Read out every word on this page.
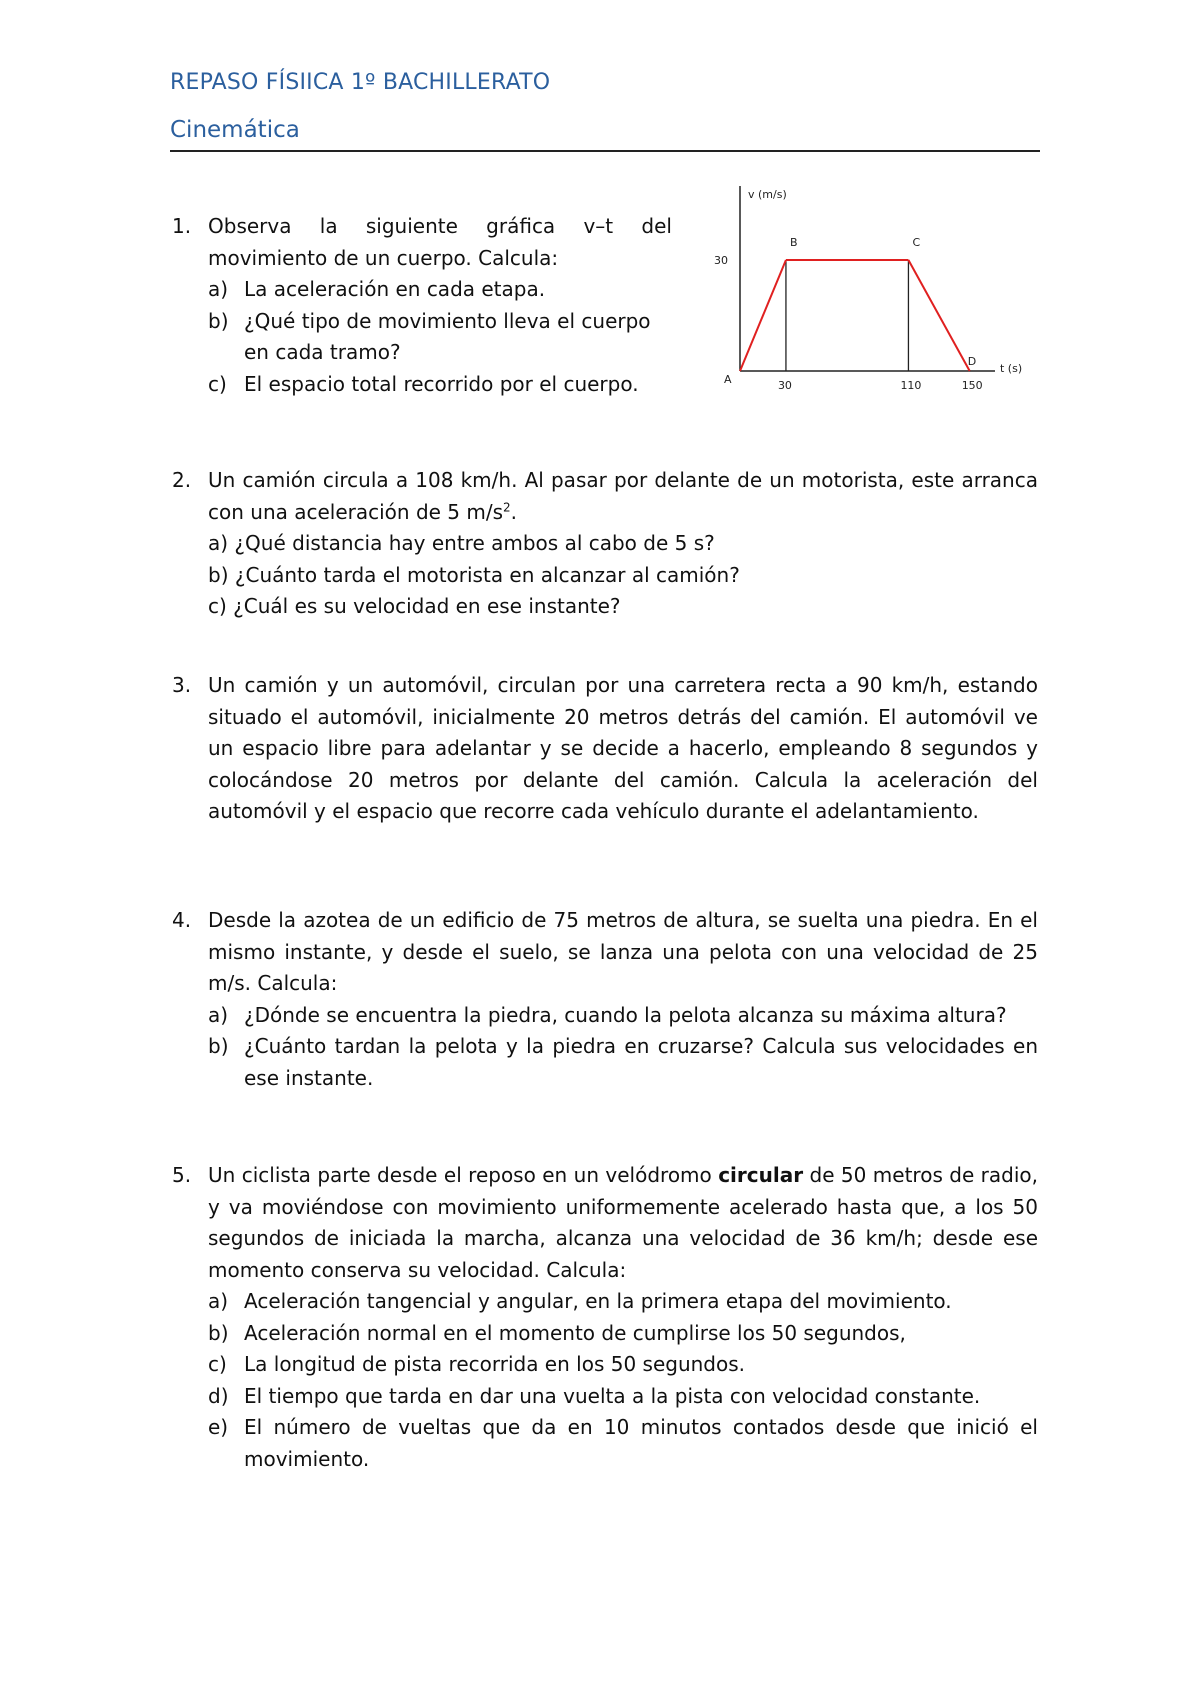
REPASO FÍSIICA 1º BACHILLERATO
Cinemática
1. Observa la siguiente gráfica v–t del movimiento de un cuerpo. Calcula:
a) La aceleración en cada etapa.
b) ¿Qué tipo de movimiento lleva el cuerpo en cada tramo?
c) El espacio total recorrido por el cuerpo.
v (m/s)
t (s)
A
B	C
D
30	110	150
30
2. Un camión circula a 108 km/h. Al pasar por delante de un motorista, este arranca con una aceleración de 5 $m/s^2$.
a) ¿Qué distancia hay entre ambos al cabo de 5 s?
b) ¿Cuánto tarda el motorista en alcanzar al camión?
c) ¿Cuál es su velocidad en ese instante?
3. Un camión y un automóvil, circulan por una carretera recta a 90 km/h, estando situado el automóvil, inicialmente 20 metros detrás del camión. El automóvil ve un espacio libre para adelantar y se decide a hacerlo, empleando 8 segundos y colocándose 20 metros por delante del camión. Calcula la aceleración del automóvil y el espacio que recorre cada vehículo durante el adelantamiento.
4. Desde la azotea de un edificio de 75 metros de altura, se suelta una piedra. En el mismo instante, y desde el suelo, se lanza una pelota con una velocidad de 25 m/s. Calcula:
a) ¿Dónde se encuentra la piedra, cuando la pelota alcanza su máxima altura?
b) ¿Cuánto tardan la pelota y la piedra en cruzarse? Calcula sus velocidades en ese instante.
5. Un ciclista parte desde el reposo en un velódromo circular de 50 metros de radio, y va moviéndose con movimiento uniformemente acelerado hasta que, a los 50 segundos de iniciada la marcha, alcanza una velocidad de 36 km/h; desde ese momento conserva su velocidad. Calcula:
a) Aceleración tangencial y angular, en la primera etapa del movimiento.
b) Aceleración normal en el momento de cumplirse los 50 segundos,
c) La longitud de pista recorrida en los 50 segundos.
d) El tiempo que tarda en dar una vuelta a la pista con velocidad constante.
e) El número de vueltas que da en 10 minutos contados desde que inició el movimiento.
